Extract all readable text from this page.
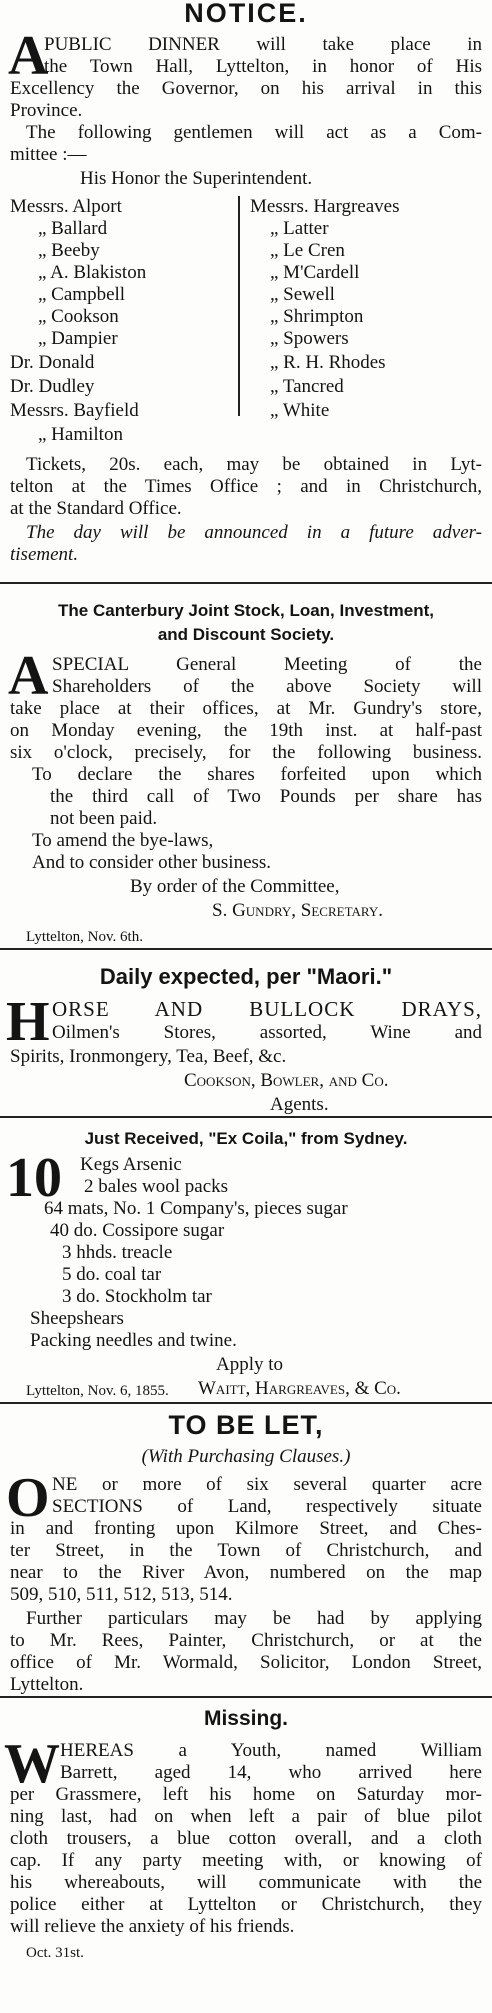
NOTICE.
A
PUBLIC DINNER will take place in
the Town Hall, Lyttelton, in honor of His
Excellency the Governor, on his arrival in this
Province.
The following gentlemen will act as a Com-
mittee :—
His Honor the Superintendent.
Messrs. Alport
„ Ballard
„ Beeby
„ A. Blakiston
„ Campbell
„ Cookson
„ Dampier
Dr. Donald
Dr. Dudley
Messrs. Bayfield
„ Hamilton
Messrs. Hargreaves
„ Latter
„ Le Cren
„ M'Cardell
„ Sewell
„ Shrimpton
„ Spowers
„ R. H. Rhodes
„ Tancred
„ White
Tickets, 20s. each, may be obtained in Lyt-
telton at the Times Office ; and in Christchurch,
at the Standard Office.
The day will be announced in a future adver-
tisement.
The Canterbury Joint Stock, Loan, Investment,
and Discount Society.
A SPECIAL General Meeting of the
Shareholders of the above Society will
take place at their offices, at Mr. Gundry's store,
on Monday evening, the 19th inst. at half-past
six o'clock, precisely, for the following business.
To declare the shares forfeited upon which
the third call of Two Pounds per share has
not been paid.
To amend the bye-laws,
And to consider other business.
By order of the Committee,
S. Gundry, Secretary.
Lyttelton, Nov. 6th.
Daily expected, per "Maori."
H ORSE AND BULLOCK DRAYS,
Oilmen's Stores, assorted, Wine and
Spirits, Ironmongery, Tea, Beef, &c.
Cookson, Bowler, and Co.
Agents.
Just Received, "Ex Coila," from Sydney.
10 Kegs Arsenic
2 bales wool packs
64 mats, No. 1 Company's, pieces sugar
40 do. Cossipore sugar
3 hhds. treacle
5 do. coal tar
3 do. Stockholm tar
Sheepshears
Packing needles and twine.
Apply to
Lyttelton, Nov. 6, 1855. Waitt, Hargreaves, & Co.
TO BE LET,
(With Purchasing Clauses.)
O NE or more of six several quarter acre
SECTIONS of Land, respectively situate
in and fronting upon Kilmore Street, and Ches-
ter Street, in the Town of Christchurch, and
near to the River Avon, numbered on the map
509, 510, 511, 512, 513, 514.
Further particulars may be had by applying
to Mr. Rees, Painter, Christchurch, or at the
office of Mr. Wormald, Solicitor, London Street,
Lyttelton.
Missing.
W HEREAS a Youth, named William
Barrett, aged 14, who arrived here
per Grassmere, left his home on Saturday mor-
ning last, had on when left a pair of blue pilot
cloth trousers, a blue cotton overall, and a cloth
cap. If any party meeting with, or knowing of
his whereabouts, will communicate with the
police either at Lyttelton or Christchurch, they
will relieve the anxiety of his friends.
Oct. 31st.
